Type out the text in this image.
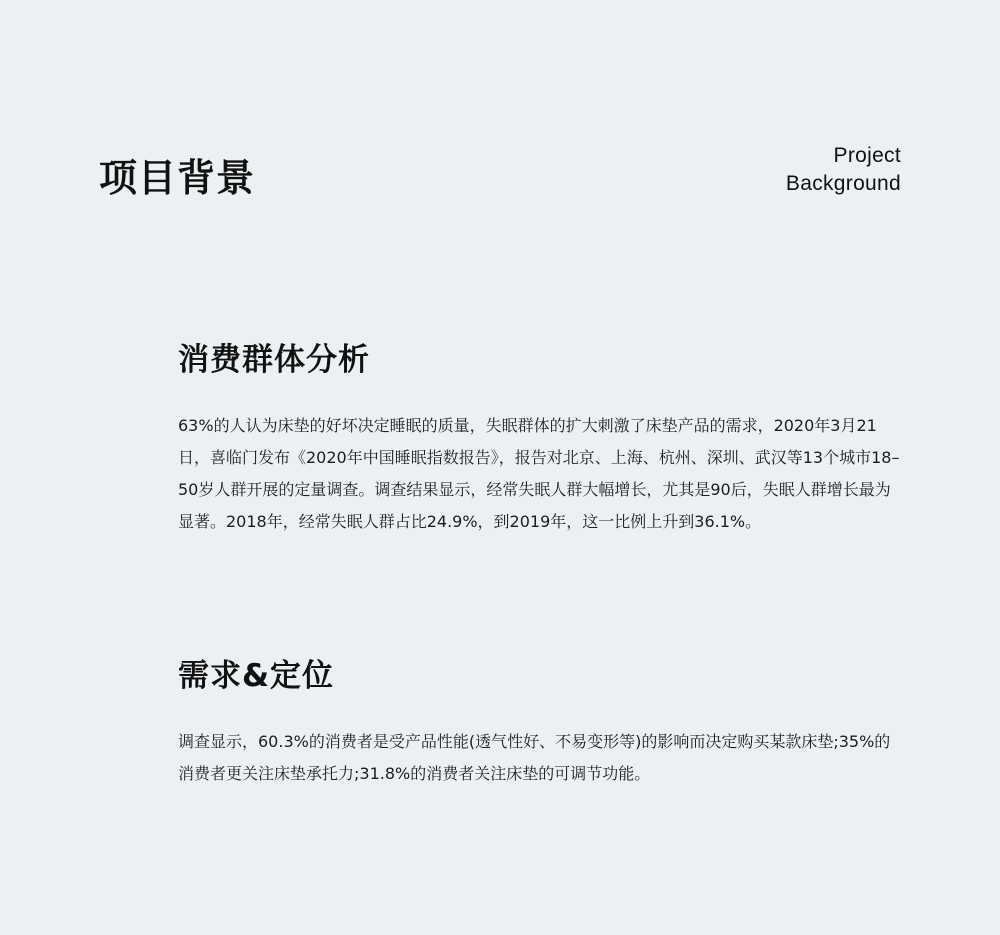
项目背景
Project
Background
消费群体分析

63%的人认为床垫的好坏决定睡眠的质量，失眠群体的扩大刺激了床垫产品的需求，2020年3月21日，喜临门发布《2020年中国睡眠指数报告》，报告对北京、上海、杭州、深圳、武汉等13个城市18–50岁人群开展的定量调查。调查结果显示，经常失眠人群大幅增长，尤其是90后，失眠人群增长最为显著。2018年，经常失眠人群占比24.9%，到2019年，这一比例上升到36.1%。

需求&定位

调查显示，60.3%的消费者是受产品性能(透气性好、不易变形等)的影响而决定购买某款床垫;35%的消费者更关注床垫承托力;31.8%的消费者关注床垫的可调节功能。
